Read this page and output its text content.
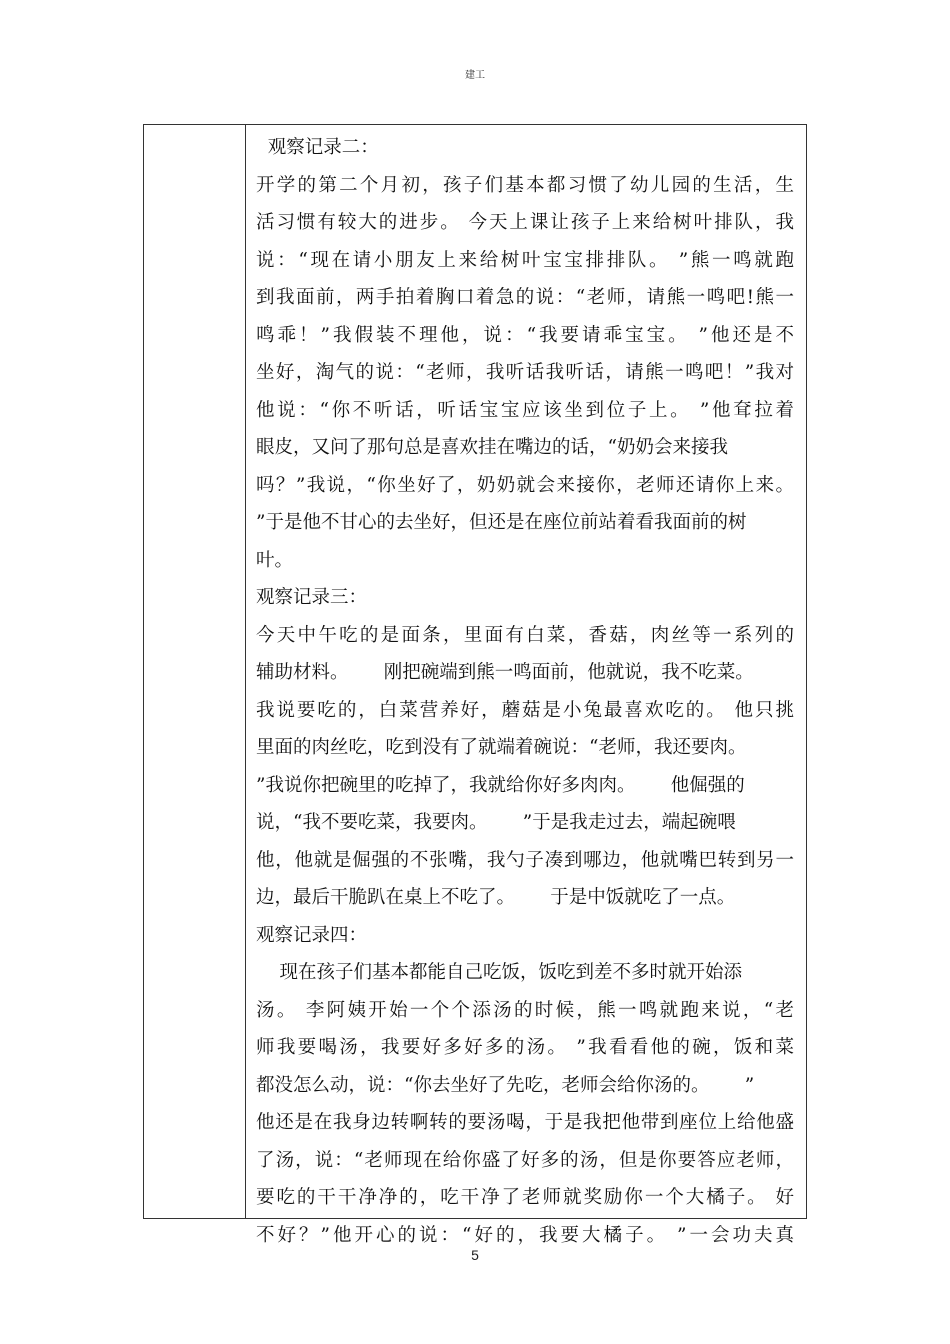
建工
观察记录二：
开学的第二个月初，孩子们基本都习惯了幼儿园的生活，生
活习惯有较大的进步。 今天上课让孩子上来给树叶排队，我
说：“现在请小朋友上来给树叶宝宝排排队。 ”熊一鸣就跑
到我面前，两手拍着胸口着急的说：“老师，请熊一鸣吧!熊一
鸣乖！”我假装不理他，说：“我要请乖宝宝。 ”他还是不
坐好，淘气的说：“老师，我听话我听话，请熊一鸣吧！”我对
他说：“你不听话，听话宝宝应该坐到位子上。 ”他耷拉着
眼皮，又问了那句总是喜欢挂在嘴边的话，“奶奶会来接我
吗？”我说，“你坐好了，奶奶就会来接你，老师还请你上来。
”于是他不甘心的去坐好，但还是在座位前站着看我面前的树
叶。
观察记录三：
今天中午吃的是面条，里面有白菜，香菇，肉丝等一系列的
辅助材料。      刚把碗端到熊一鸣面前，他就说，我不吃菜。
我说要吃的，白菜营养好，蘑菇是小兔最喜欢吃的。 他只挑
里面的肉丝吃，吃到没有了就端着碗说：“老师，我还要肉。
”我说你把碗里的吃掉了，我就给你好多肉肉。      他倔强的
说，“我不要吃菜，我要肉。      ”于是我走过去，端起碗喂
他，他就是倔强的不张嘴，我勺子凑到哪边，他就嘴巴转到另一
边，最后干脆趴在桌上不吃了。      于是中饭就吃了一点。
观察记录四：
现在孩子们基本都能自己吃饭，饭吃到差不多时就开始添
汤。 李阿姨开始一个个添汤的时候，熊一鸣就跑来说，“老
师我要喝汤，我要好多好多的汤。 ”我看看他的碗，饭和菜
都没怎么动，说：“你去坐好了先吃，老师会给你汤的。      ”
他还是在我身边转啊转的要汤喝，于是我把他带到座位上给他盛
了汤，说：“老师现在给你盛了好多的汤，但是你要答应老师，
要吃的干干净净的，吃干净了老师就奖励你一个大橘子。 好
不好？”他开心的说：“好的，我要大橘子。 ”一会功夫真
5
